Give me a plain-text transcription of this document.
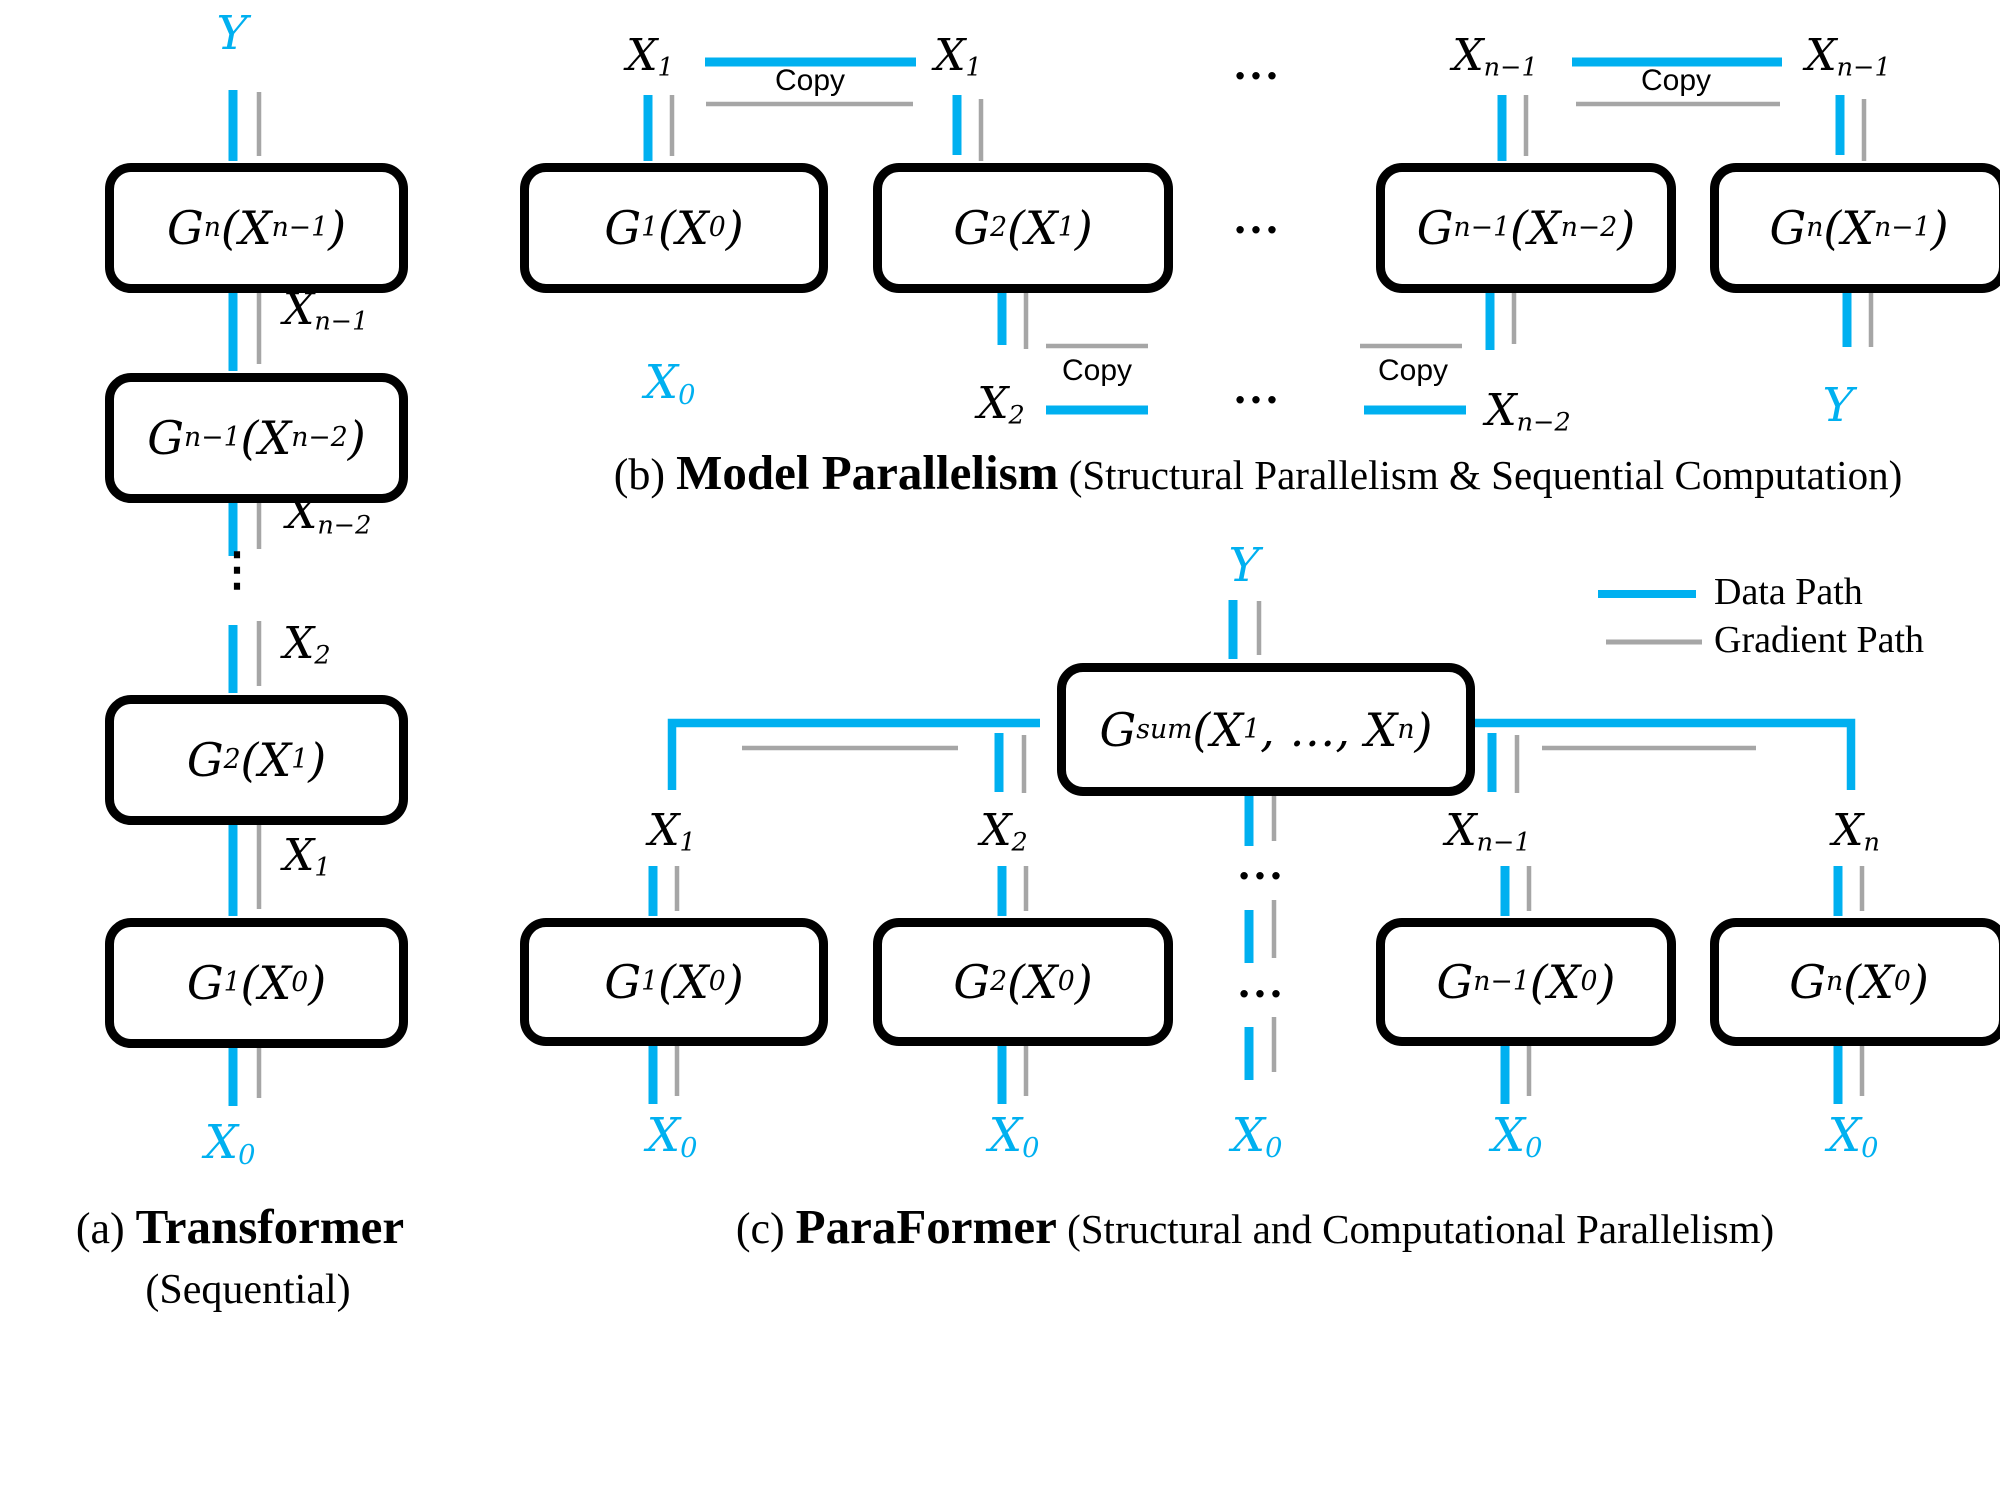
Y
G n (X n−1 )
$X_{n-1}$
G n−1 (X n−2 )
$X_{n-2}$
⋮
$X_2$
G 2 (X 1 )
$X_1$
G 1 (X 0 )
$X_0$
(a) Transformer
(Sequential)
$X_1$	Copy $X_1$	...	$X_{n-1}$	Copy $X_{n-1}$
G 1 (X 0 )	G 2 (X 1 )	...	G n−1 (X n−2 )	G n (X n−1 )
$X_0$	$X_2$
Copy	...	Copy
$X_{n-2}$	Y
(b) Model Parallelism (Structural Parallelism & Sequential Computation)
Y	Data Path
Gradient Path
G sum (X 1 , …, X n )
$X_1$	$X_2$	$X_{n-1}$	$X_n$
...
...
G 1 (X 0 )	G 2 (X 0 )	G n−1 (X 0 )	G n (X 0 )
$X_0$	$X_0$	$X_0$	$X_0$	$X_0$
(c) ParaFormer (Structural and Computational Parallelism)
